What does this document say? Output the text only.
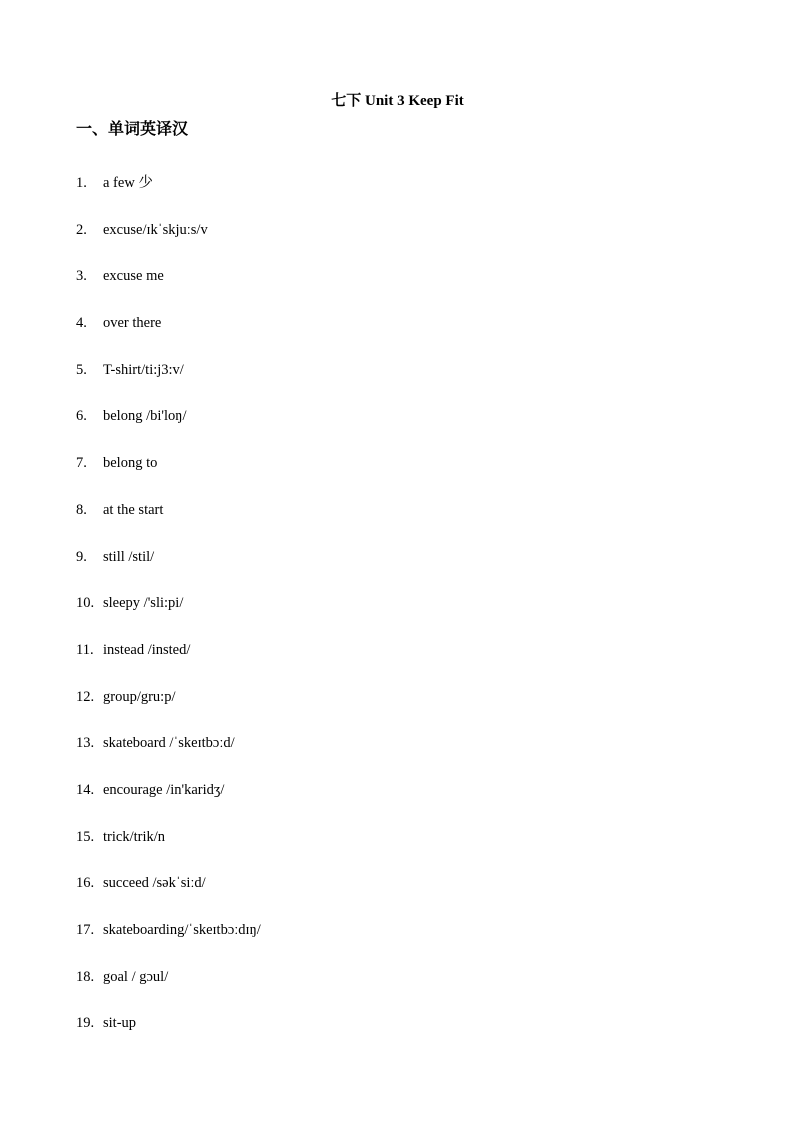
七下 Unit 3 Keep Fit
一、单词英译汉
1. a few 少
2. excuse/ɪkˈskjuːs/v
3. excuse me
4. over there
5. T-shirt/ti:j3:v/
6. belong /bi'loŋ/
7. belong to
8. at the start
9. still /stil/
10. sleepy /'sli:pi/
11. instead /insted/
12. group/gru:p/
13. skateboard /ˈskeɪtbɔːd/
14. encourage /in'karidʒ/
15. trick/trik/n
16. succeed /səkˈsiːd/
17. skateboarding/ˈskeɪtbɔːdɪŋ/
18. goal / gɔul/
19. sit-up
